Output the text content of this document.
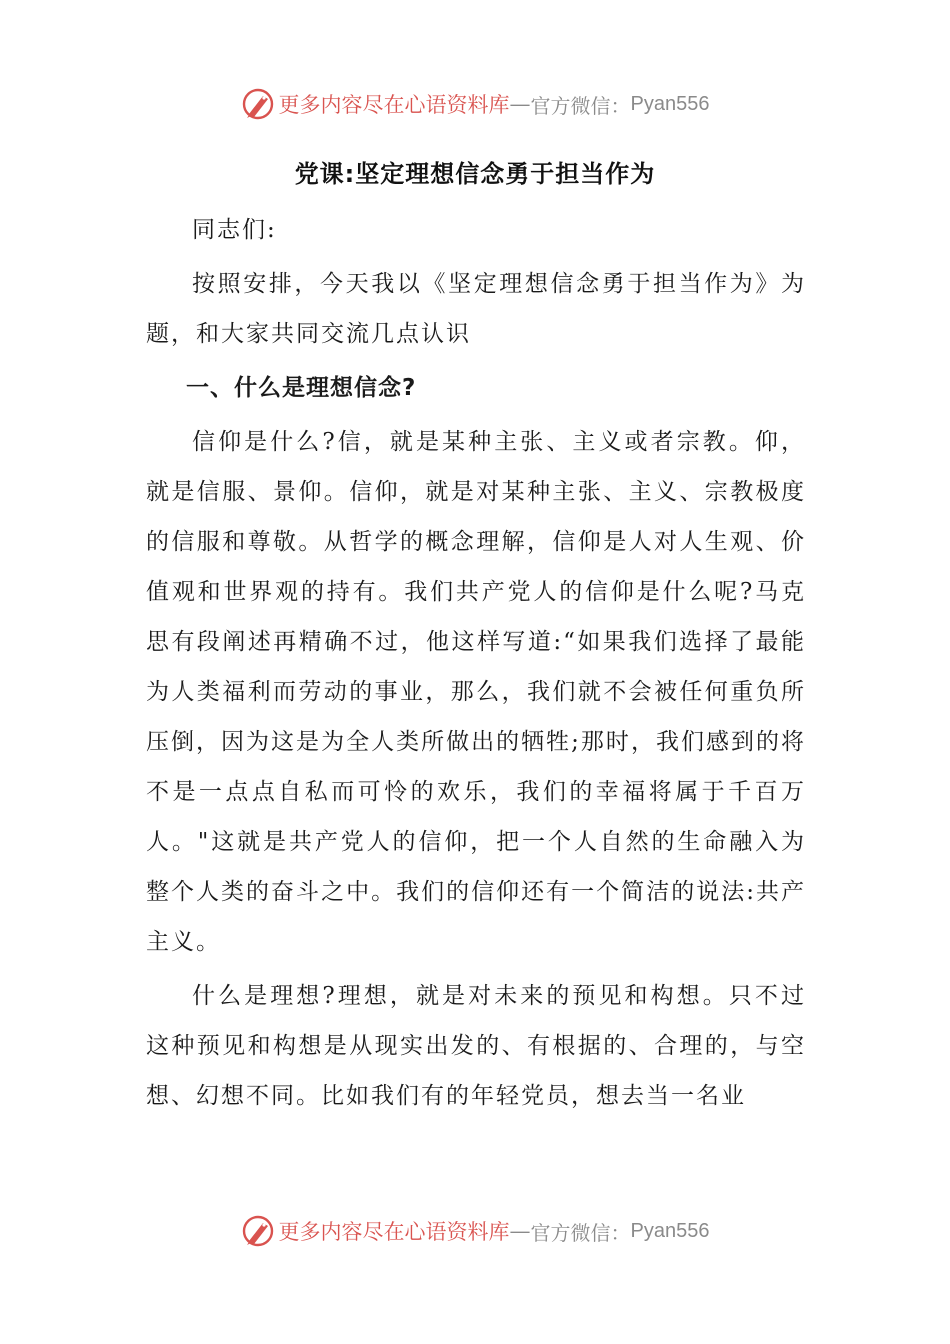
更多内容尽在心语资料库 — 官方微信： Pyan556
党课:坚定理想信念勇于担当作为

同志们:

按照安排，今天我以《坚定理想信念勇于担当作为》为题，和大家共同交流几点认识

一、什么是理想信念?

信仰是什么?信，就是某种主张、主义或者宗教。仰，就是信服、景仰。信仰，就是对某种主张、主义、宗教极度的信服和尊敬。从哲学的概念理解，信仰是人对人生观、价值观和世界观的持有。我们共产党人的信仰是什么呢?马克思有段阐述再精确不过，他这样写道:“如果我们选择了最能为人类福利而劳动的事业，那么，我们就不会被任何重负所压倒，因为这是为全人类所做出的牺牲;那时，我们感到的将不是一点点自私而可怜的欢乐，我们的幸福将属于千百万人。"这就是共产党人的信仰，把一个人自然的生命融入为整个人类的奋斗之中。我们的信仰还有一个简洁的说法:共产主义。

什么是理想?理想，就是对未来的预见和构想。只不过这种预见和构想是从现实出发的、有根据的、合理的，与空想、幻想不同。比如我们有的年轻党员，想去当一名业

更多内容尽在心语资料库 — 官方微信： Pyan556
